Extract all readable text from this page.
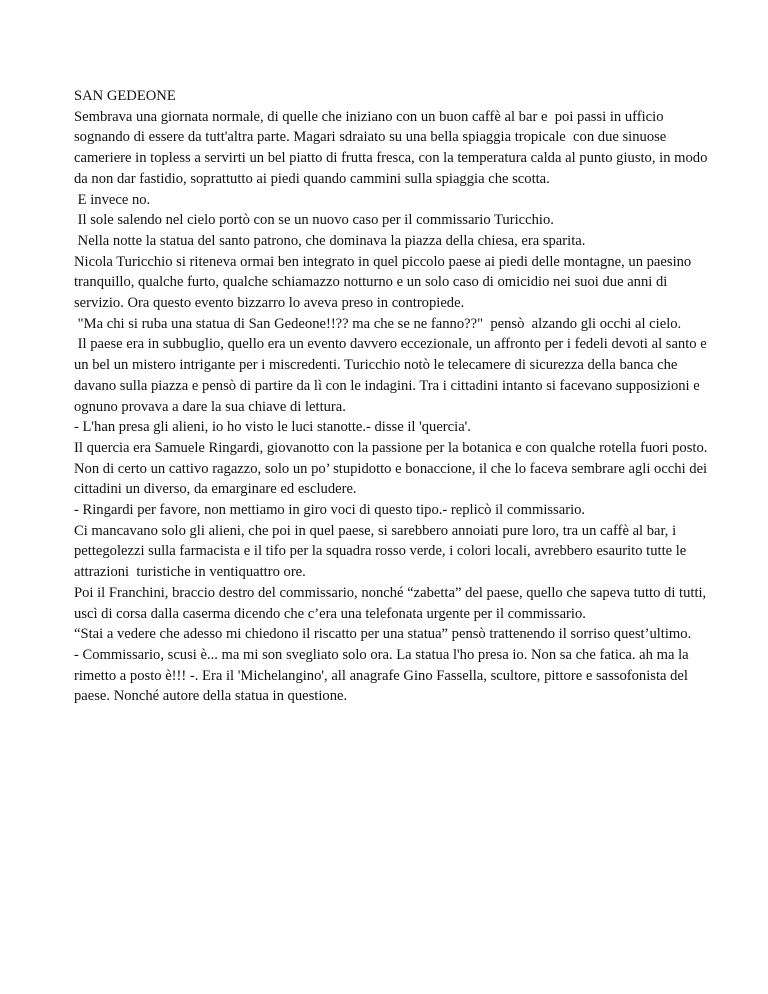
SAN GEDEONE

Sembrava una giornata normale, di quelle che iniziano con un buon caffè al bar e  poi passi in ufficio sognando di essere da tutt'altra parte. Magari sdraiato su una bella spiaggia tropicale  con due sinuose cameriere in topless a servirti un bel piatto di frutta fresca, con la temperatura calda al punto giusto, in modo da non dar fastidio, soprattutto ai piedi quando cammini sulla spiaggia che scotta.

E invece no.

Il sole salendo nel cielo portò con se un nuovo caso per il commissario Turicchio.

Nella notte la statua del santo patrono, che dominava la piazza della chiesa, era sparita.

Nicola Turicchio si riteneva ormai ben integrato in quel piccolo paese ai piedi delle montagne, un paesino tranquillo, qualche furto, qualche schiamazzo notturno e un solo caso di omicidio nei suoi due anni di servizio. Ora questo evento bizzarro lo aveva preso in contropiede.

"Ma chi si ruba una statua di San Gedeone!!?? ma che se ne fanno??"  pensò  alzando gli occhi al cielo.

Il paese era in subbuglio, quello era un evento davvero eccezionale, un affronto per i fedeli devoti al santo e un bel un mistero intrigante per i miscredenti. Turicchio notò le telecamere di sicurezza della banca che davano sulla piazza e pensò di partire da lì con le indagini. Tra i cittadini intanto si facevano supposizioni e ognuno provava a dare la sua chiave di lettura.

- L'han presa gli alieni, io ho visto le luci stanotte.- disse il 'quercia'.

Il quercia era Samuele Ringardi, giovanotto con la passione per la botanica e con qualche rotella fuori posto. Non di certo un cattivo ragazzo, solo un po’ stupidotto e bonaccione, il che lo faceva sembrare agli occhi dei cittadini un diverso, da emarginare ed escludere.

- Ringardi per favore, non mettiamo in giro voci di questo tipo.- replicò il commissario.

Ci mancavano solo gli alieni, che poi in quel paese, si sarebbero annoiati pure loro, tra un caffè al bar, i pettegolezzi sulla farmacista e il tifo per la squadra rosso verde, i colori locali, avrebbero esaurito tutte le attrazioni  turistiche in ventiquattro ore.

Poi il Franchini, braccio destro del commissario, nonché “zabetta” del paese, quello che sapeva tutto di tutti, uscì di corsa dalla caserma dicendo che c’era una telefonata urgente per il commissario.

“Stai a vedere che adesso mi chiedono il riscatto per una statua” pensò trattenendo il sorriso quest’ultimo.

- Commissario, scusi è... ma mi son svegliato solo ora. La statua l'ho presa io. Non sa che fatica. ah ma la rimetto a posto è!!! -. Era il 'Michelangino', all anagrafe Gino Fassella, scultore, pittore e sassofonista del paese. Nonché autore della statua in questione.
